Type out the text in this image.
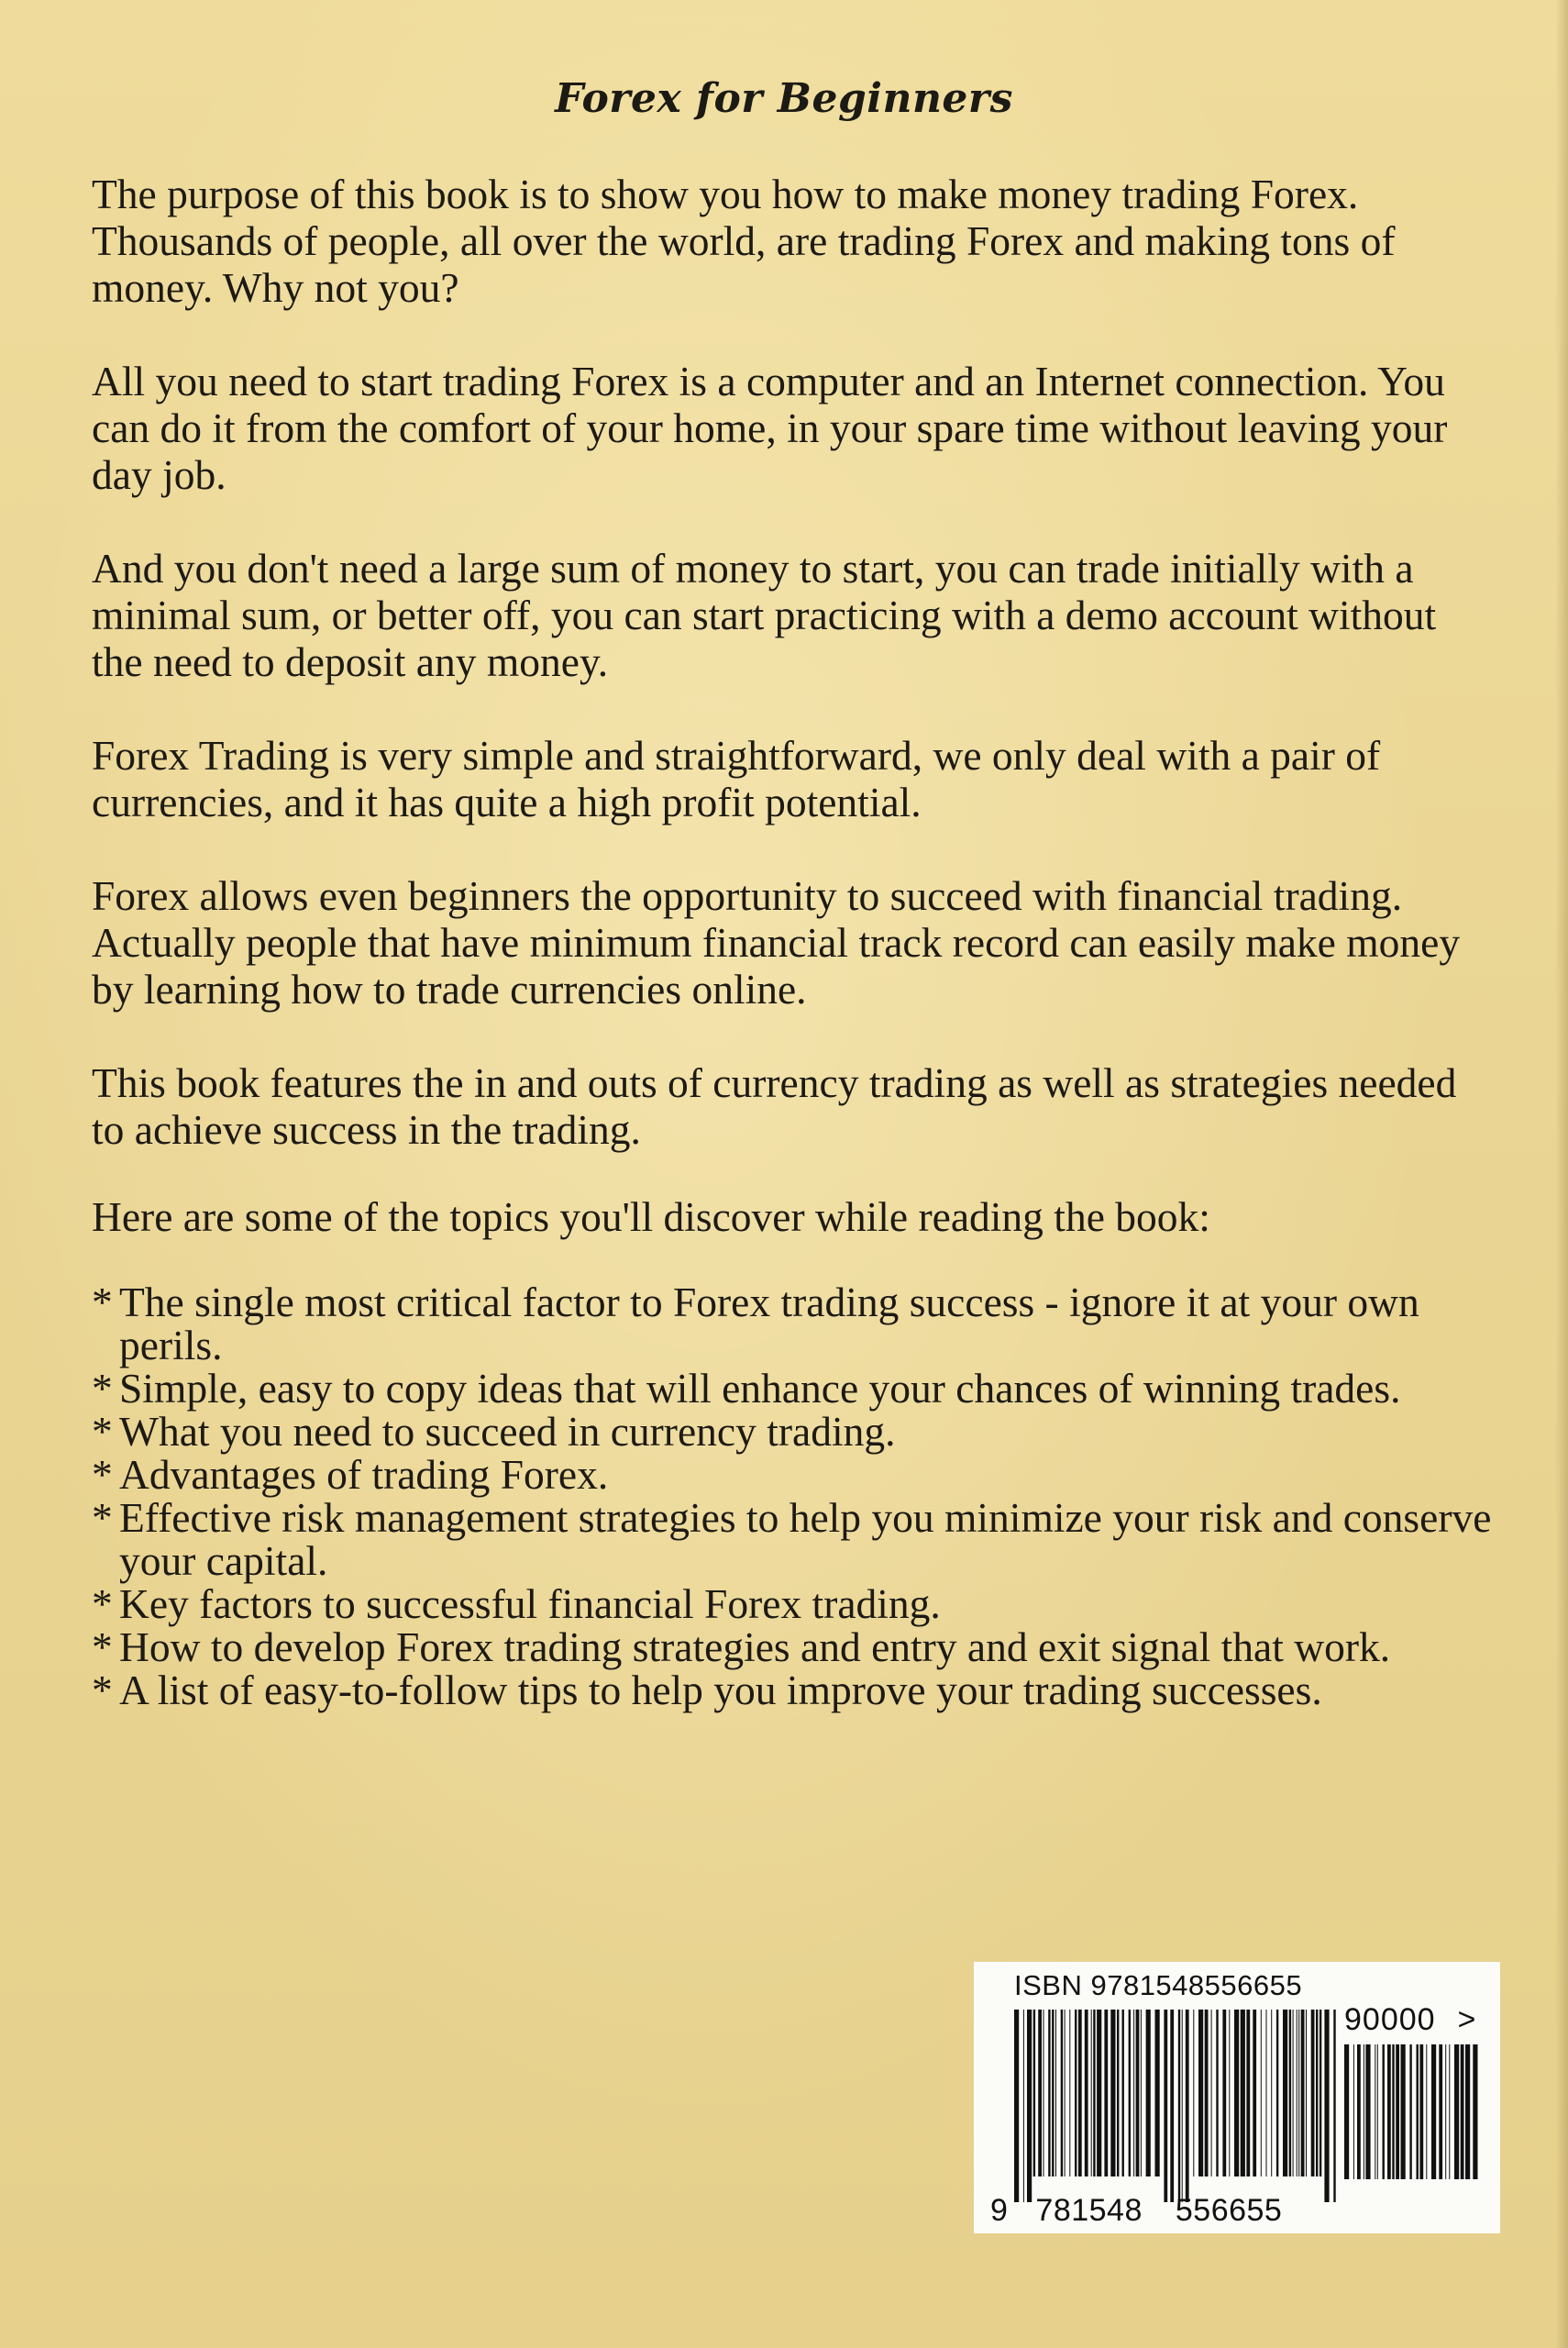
Forex for Beginners

The purpose of this book is to show you how to make money trading Forex. Thousands of people, all over the world, are trading Forex and making tons of money. Why not you?

All you need to start trading Forex is a computer and an Internet connection. You can do it from the comfort of your home, in your spare time without leaving your day job.

And you don't need a large sum of money to start, you can trade initially with a minimal sum, or better off, you can start practicing with a demo account without the need to deposit any money.

Forex Trading is very simple and straightforward, we only deal with a pair of currencies, and it has quite a high profit potential.

Forex allows even beginners the opportunity to succeed with financial trading. Actually people that have minimum financial track record can easily make money by learning how to trade currencies online.

This book features the in and outs of currency trading as well as strategies needed to achieve success in the trading.

Here are some of the topics you'll discover while reading the book:

* The single most critical factor to Forex trading success - ignore it at your own perils.
* Simple, easy to copy ideas that will enhance your chances of winning trades.
* What you need to succeed in currency trading.
* Advantages of trading Forex.
* Effective risk management strategies to help you minimize your risk and conserve your capital.
* Key factors to successful financial Forex trading.
* How to develop Forex trading strategies and entry and exit signal that work.
* A list of easy-to-follow tips to help you improve your trading successes.
ISBN 9781548556655
90000 >
9 781548 556655
